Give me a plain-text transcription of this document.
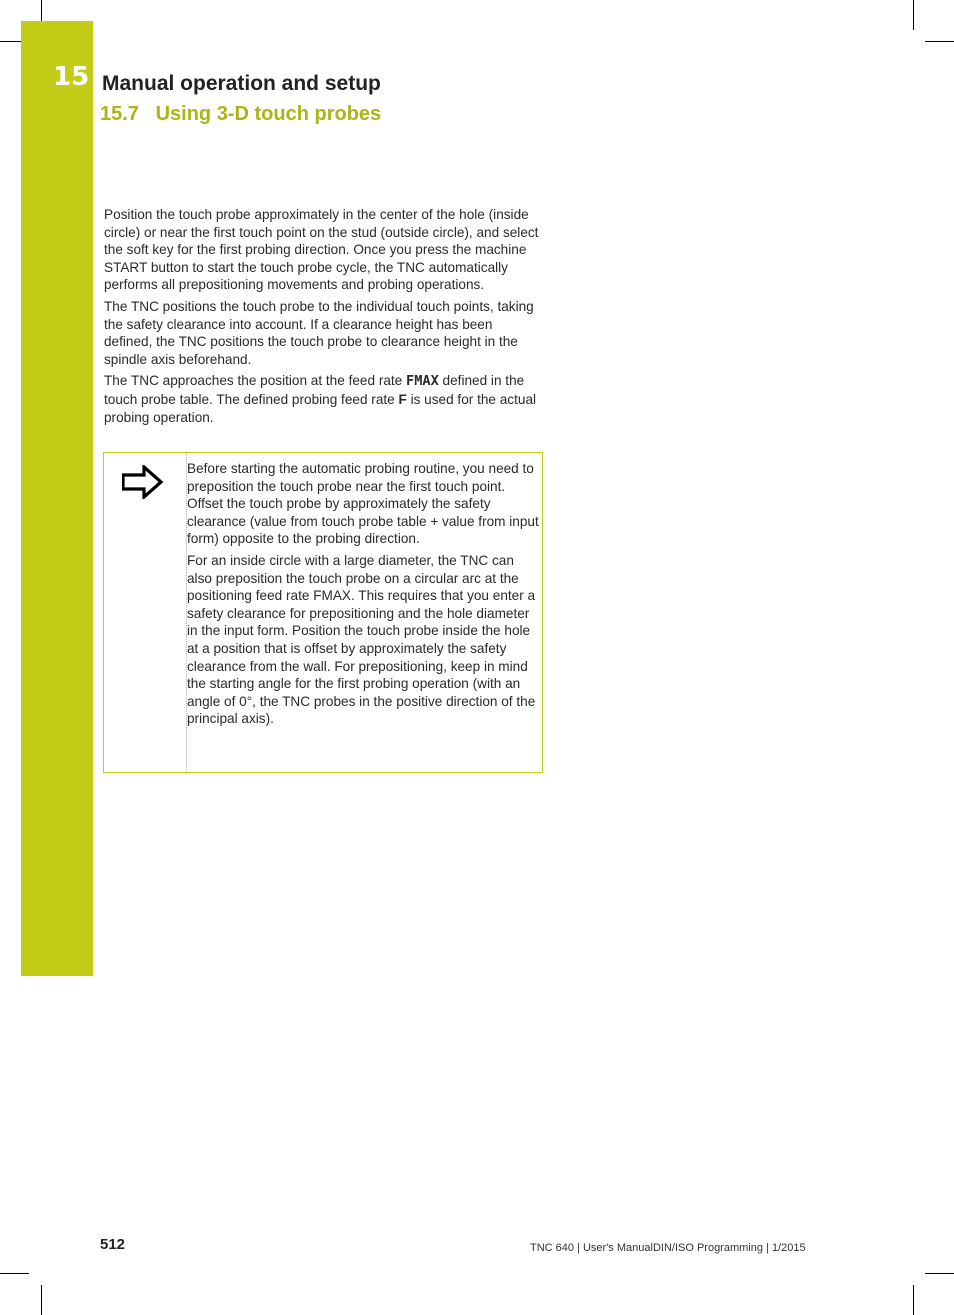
15 Manual operation and setup
15.7   Using 3-D touch probes

Position the touch probe approximately in the center of the hole (inside circle) or near the first touch point on the stud (outside circle), and select the soft key for the first probing direction. Once you press the machine START button to start the touch probe cycle, the TNC automatically performs all prepositioning movements and probing operations.

The TNC positions the touch probe to the individual touch points, taking the safety clearance into account. If a clearance height has been defined, the TNC positions the touch probe to clearance height in the spindle axis beforehand.

The TNC approaches the position at the feed rate FMAX defined in the touch probe table. The defined probing feed rate F is used for the actual probing operation.

Before starting the automatic probing routine, you need to preposition the touch probe near the first touch point. Offset the touch probe by approximately the safety clearance (value from touch probe table + value from input form) opposite to the probing direction.

For an inside circle with a large diameter, the TNC can also preposition the touch probe on a circular arc at the positioning feed rate FMAX. This requires that you enter a safety clearance for prepositioning and the hole diameter in the input form. Position the touch probe inside the hole at a position that is offset by approximately the safety clearance from the wall. For prepositioning, keep in mind the starting angle for the first probing operation (with an angle of 0°, the TNC probes in the positive direction of the principal axis).

512	TNC 640 | User's ManualDIN/ISO Programming | 1/2015
